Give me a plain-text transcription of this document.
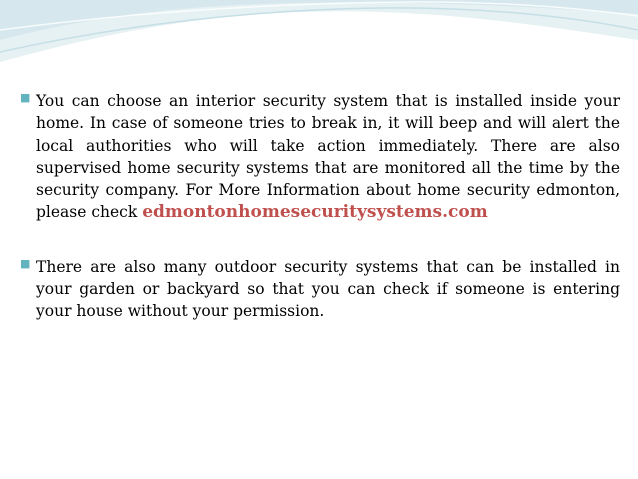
■ You can choose an interior security system that is installed inside your home. In case of someone tries to break in, it will beep and will alert the local authorities who will take action immediately. There are also supervised home security systems that are monitored all the time by the security company. For More Information about home security edmonton, please check edmontonhomesecuritysystems.com

■ There are also many outdoor security systems that can be installed in your garden or backyard so that you can check if someone is entering your house without your permission.
